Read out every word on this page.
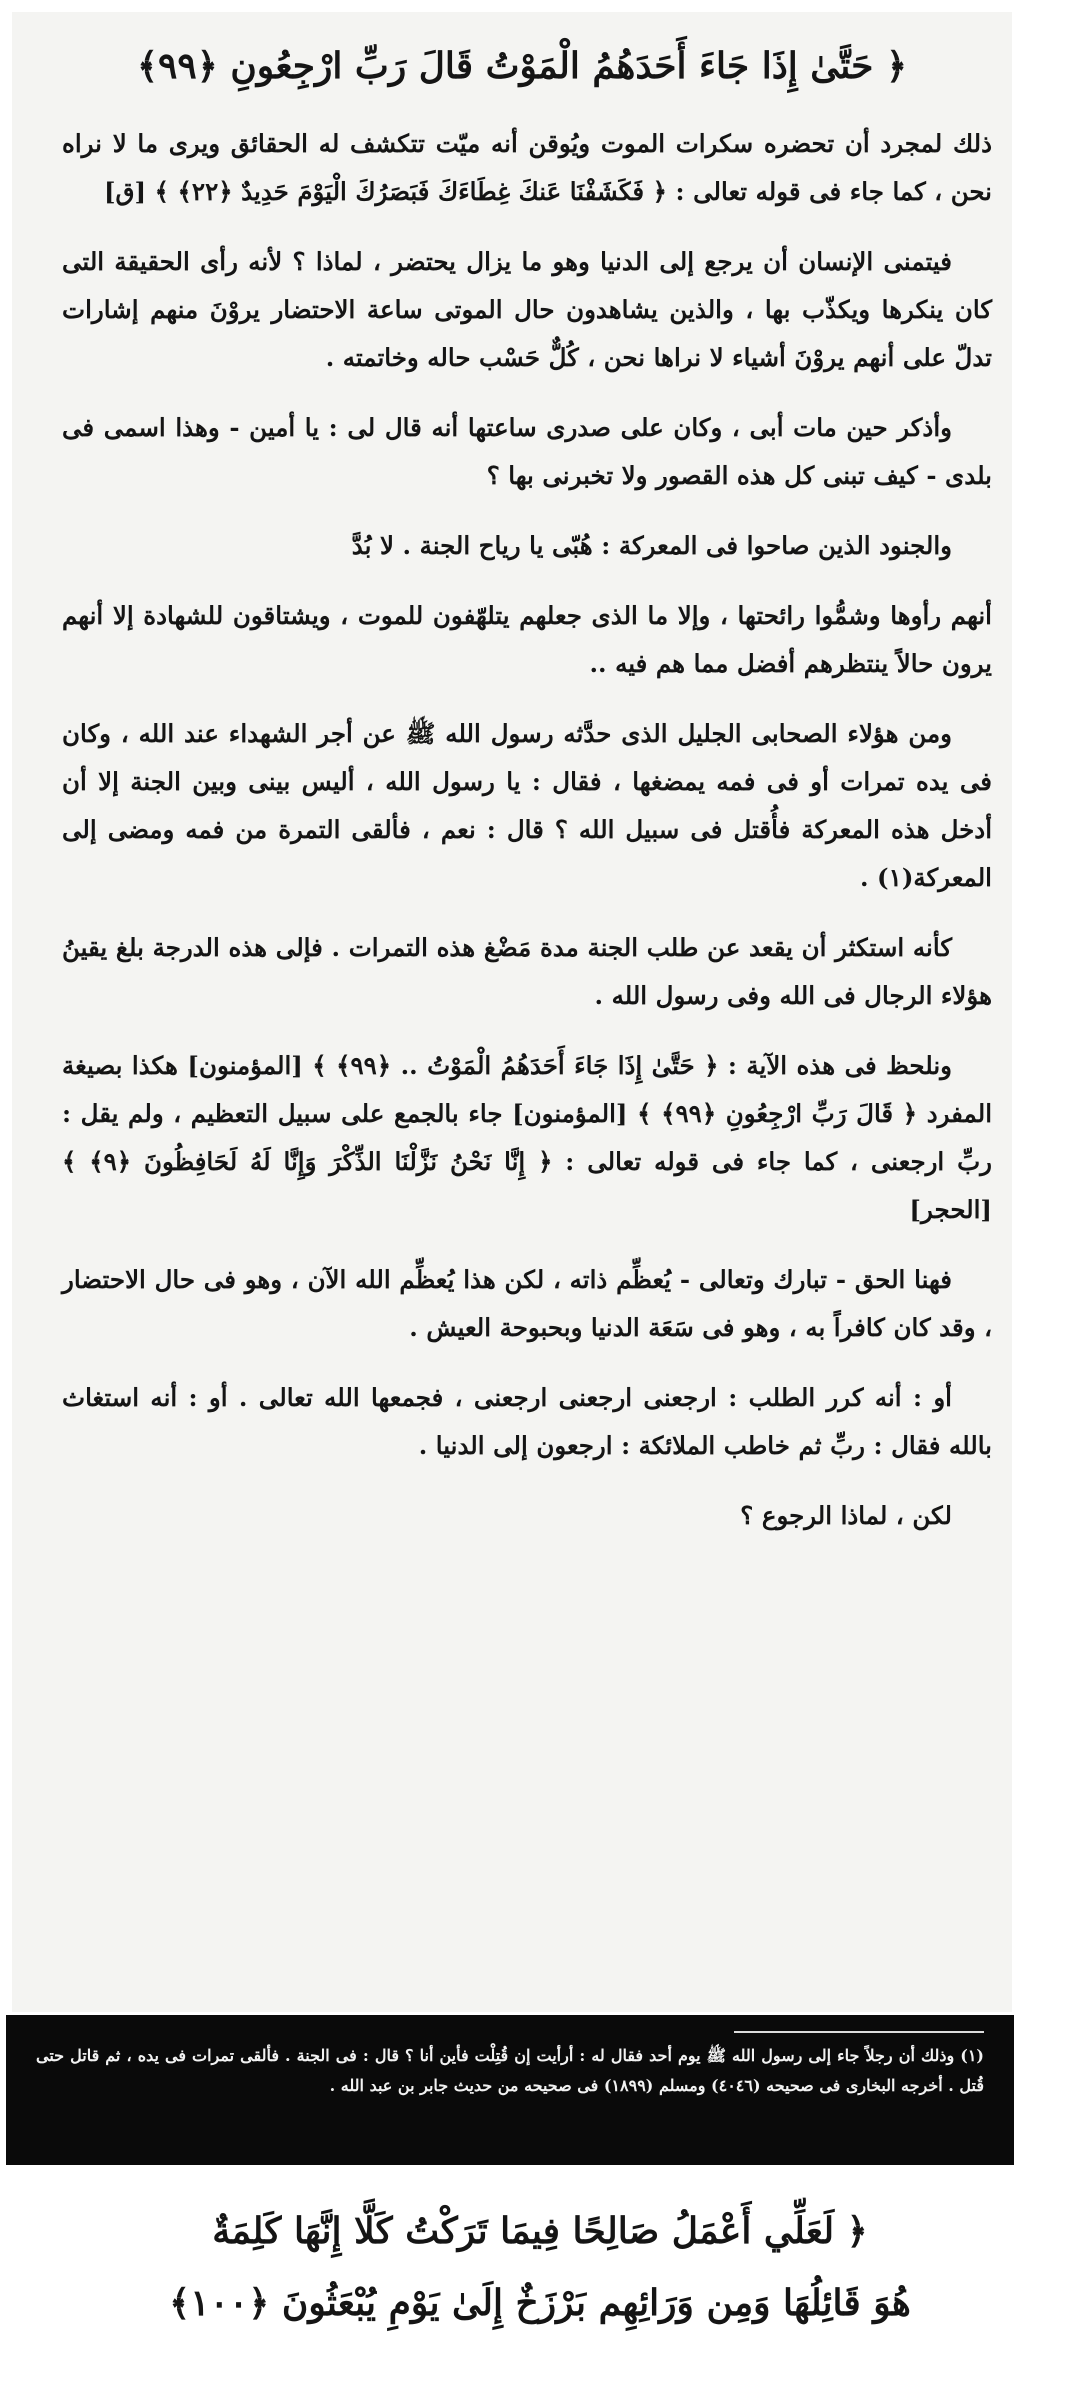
﴿ حَتَّىٰ إِذَا جَاءَ أَحَدَهُمُ الْمَوْتُ قَالَ رَبِّ ارْجِعُونِ ﴿٩٩﴾

ذلك لمجرد أن تحضره سكرات الموت ويُوقن أنه ميّت تتكشف له الحقائق ويرى ما لا نراه نحن ، كما جاء فى قوله تعالى : ﴿ فَكَشَفْنَا عَنكَ غِطَاءَكَ فَبَصَرُكَ الْيَوْمَ حَدِيدٌ ﴿٢٢﴾ ﴾ [ق]

فيتمنى الإنسان أن يرجع إلى الدنيا وهو ما يزال يحتضر ، لماذا ؟ لأنه رأى الحقيقة التى كان ينكرها ويكذّب بها ، والذين يشاهدون حال الموتى ساعة الاحتضار يروْنَ منهم إشارات تدلّ على أنهم يروْنَ أشياء لا نراها نحن ، كُلٌّ حَسْب حاله وخاتمته .

وأذكر حين مات أبى ، وكان على صدرى ساعتها أنه قال لى : يا أمين - وهذا اسمى فى بلدى - كيف تبنى كل هذه القصور ولا تخبرنى بها ؟

والجنود الذين صاحوا فى المعركة : هُبّى يا رياح الجنة . لا بُدَّ

أنهم رأوها وشمُّوا رائحتها ، وإلا ما الذى جعلهم يتلهّفون للموت ، ويشتاقون للشهادة إلا أنهم يرون حالاً ينتظرهم أفضل مما هم فيه ..

ومن هؤلاء الصحابى الجليل الذى حدَّثه رسول الله ﷺ عن أجر الشهداء عند الله ، وكان فى يده تمرات أو فى فمه يمضغها ، فقال : يا رسول الله ، أليس بينى وبين الجنة إلا أن أدخل هذه المعركة فأُقتل فى سبيل الله ؟ قال : نعم ، فألقى التمرة من فمه ومضى إلى المعركة(١) .

كأنه استكثر أن يقعد عن طلب الجنة مدة مَضْغ هذه التمرات . فإلى هذه الدرجة بلغ يقينُ هؤلاء الرجال فى الله وفى رسول الله .

ونلحظ فى هذه الآية : ﴿ حَتَّىٰ إِذَا جَاءَ أَحَدَهُمُ الْمَوْتُ .. ﴿٩٩﴾ ﴾ [المؤمنون] هكذا بصيغة المفرد ﴿ قَالَ رَبِّ ارْجِعُونِ ﴿٩٩﴾ ﴾ [المؤمنون] جاء بالجمع على سبيل التعظيم ، ولم يقل : ربِّ ارجعنى ، كما جاء فى قوله تعالى : ﴿ إِنَّا نَحْنُ نَزَّلْنَا الذِّكْرَ وَإِنَّا لَهُ لَحَافِظُونَ ﴿٩﴾ ﴾ [الحجر]

فهنا الحق - تبارك وتعالى - يُعظِّم ذاته ، لكن هذا يُعظِّم الله الآن ، وهو فى حال الاحتضار ، وقد كان كافراً به ، وهو فى سَعَة الدنيا وبحبوحة العيش .

أو : أنه كرر الطلب : ارجعنى ارجعنى ارجعنى ، فجمعها الله تعالى . أو : أنه استغاث بالله فقال : ربِّ ثم خاطب الملائكة : ارجعون إلى الدنيا .

لكن ، لماذا الرجوع ؟

(١) وذلك أن رجلاً جاء إلى رسول الله ﷺ يوم أحد فقال له : أرأيت إن قُتِلْت فأين أنا ؟ قال : فى الجنة . فألقى تمرات فى يده ، ثم قاتل حتى قُتل . أخرجه البخارى فى صحيحه (٤٠٤٦) ومسلم (١٨٩٩) فى صحيحه من حديث جابر بن عبد الله .
﴿ لَعَلِّي أَعْمَلُ صَالِحًا فِيمَا تَرَكْتُ كَلَّا إِنَّهَا كَلِمَةٌ
هُوَ قَائِلُهَا وَمِن وَرَائِهِم بَرْزَخٌ إِلَىٰ يَوْمِ يُبْعَثُونَ ﴿١٠٠﴾
